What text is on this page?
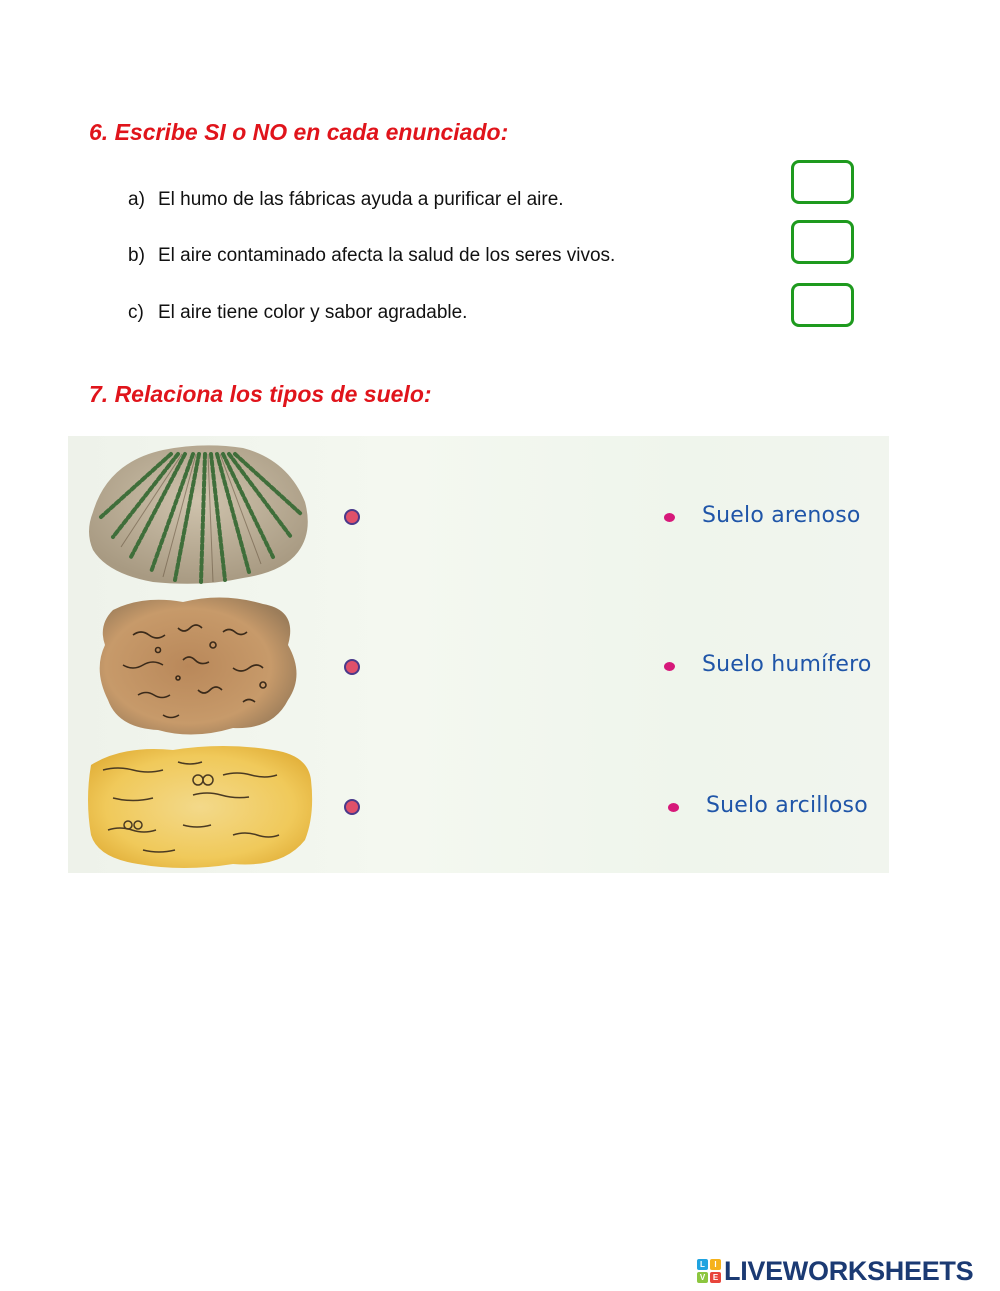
6. Escribe SI o NO en cada enunciado:
a) El humo de las fábricas ayuda a purificar el aire.
b) El aire contaminado afecta la salud de los seres vivos.
c) El aire tiene color y sabor agradable.
7. Relaciona los tipos de suelo:
Suelo arenoso
Suelo humífero
Suelo arcilloso
L	I
V E LIVEWORKSHEETS
